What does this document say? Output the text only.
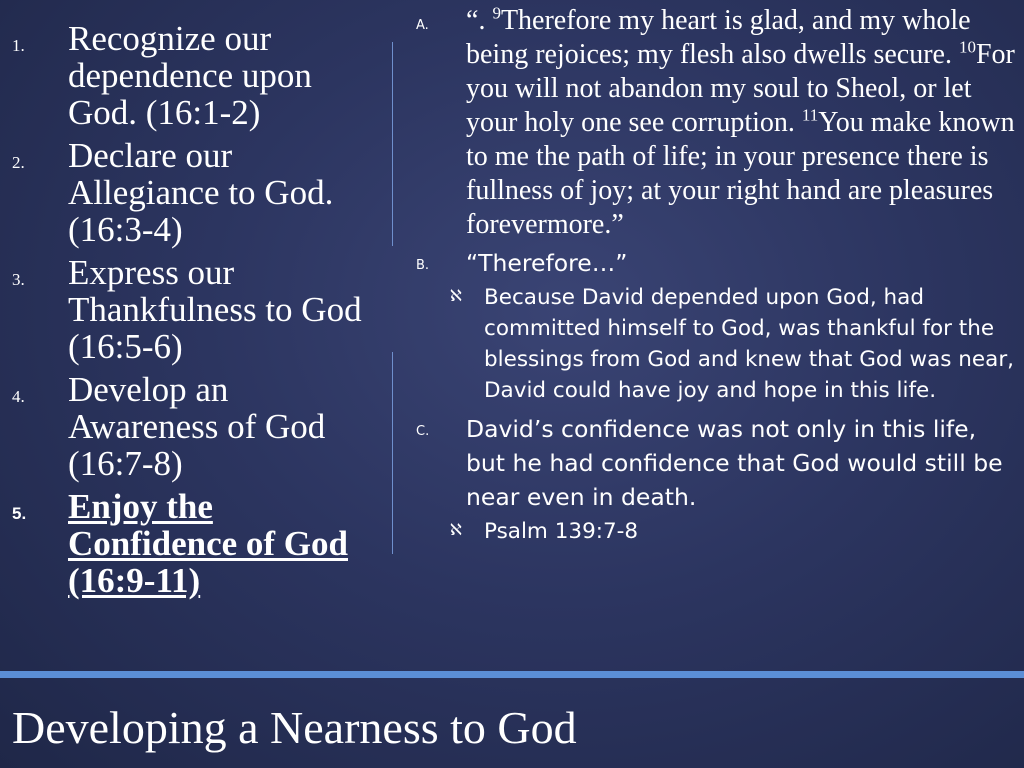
1. Recognize our dependence upon God. (16:1-2)
2. Declare our Allegiance to God. (16:3-4)
3. Express our Thankfulness to God (16:5-6)
4. Develop an Awareness of God (16:7-8)
5. Enjoy the Confidence of God (16:9-11)
A. “. $^9$Therefore my heart is glad, and my whole being rejoices; my flesh also dwells secure. $^{10}$For you will not abandon my soul to Sheol, or let your holy one see corruption. $^{11}$You make known to me the path of life; in your presence there is fullness of joy; at your right hand are pleasures forevermore.”
B. “Therefore…”
ℵ	Because David depended upon God, had committed himself to God, was thankful for the blessings from God and knew that God was near, David could have joy and hope in this life.
C. David’s confidence was not only in this life, but he had confidence that God would still be near even in death.
ℵ	Psalm 139:7-8
Developing a Nearness to God
